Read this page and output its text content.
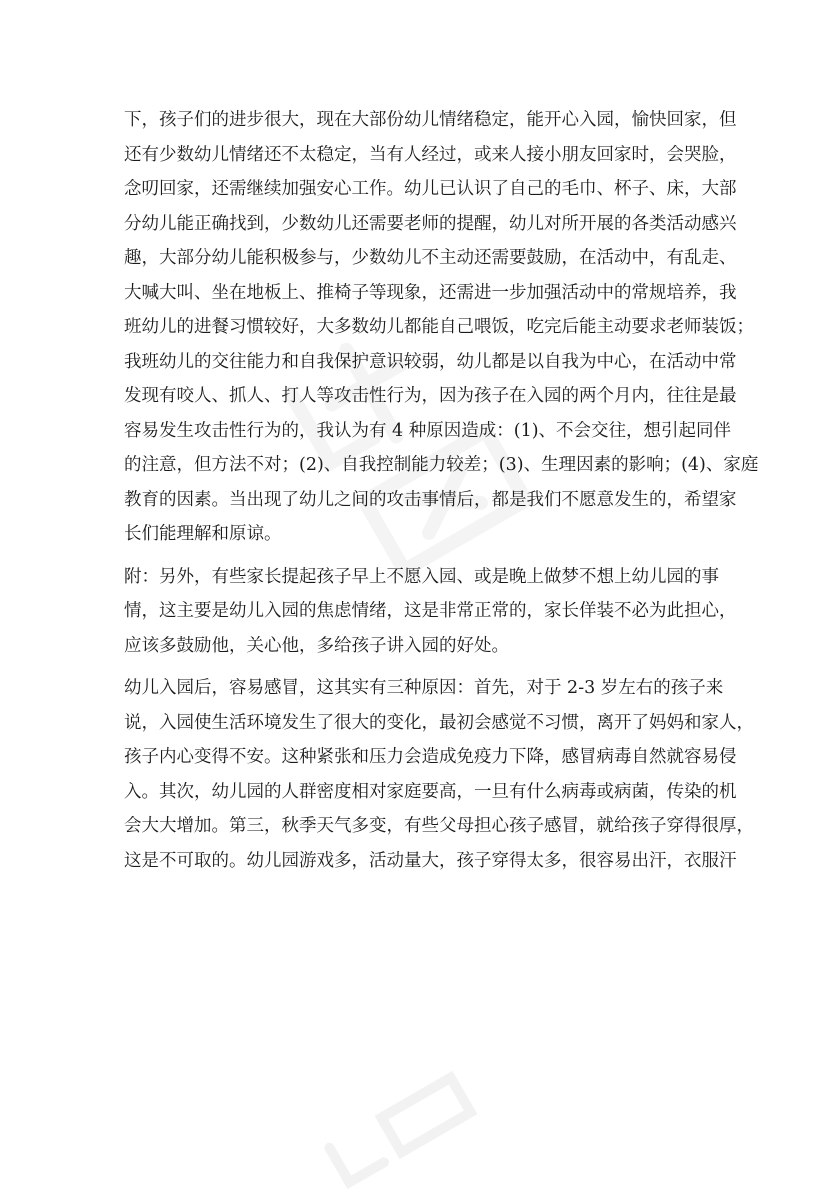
下，孩子们的进步很大，现在大部份幼儿情绪稳定，能开心入园，愉快回家，但
还有少数幼儿情绪还不太稳定，当有人经过，或来人接小朋友回家时，会哭脸，
念叨回家，还需继续加强安心工作。幼儿已认识了自己的毛巾、杯子、床，大部
分幼儿能正确找到，少数幼儿还需要老师的提醒，幼儿对所开展的各类活动感兴
趣，大部分幼儿能积极参与，少数幼儿不主动还需要鼓励，在活动中，有乱走、
大喊大叫、坐在地板上、推椅子等现象，还需进一步加强活动中的常规培养，我
班幼儿的进餐习惯较好，大多数幼儿都能自己喂饭，吃完后能主动要求老师装饭；
我班幼儿的交往能力和自我保护意识较弱，幼儿都是以自我为中心，在活动中常
发现有咬人、抓人、打人等攻击性行为，因为孩子在入园的两个月内，往往是最
容易发生攻击性行为的，我认为有 4 种原因造成：(1)、不会交往，想引起同伴
的注意，但方法不对；(2)、自我控制能力较差；(3)、生理因素的影响；(4)、家庭
教育的因素。当出现了幼儿之间的攻击事情后，都是我们不愿意发生的，希望家
长们能理解和原谅。
附：另外，有些家长提起孩子早上不愿入园、或是晚上做梦不想上幼儿园的事
情，这主要是幼儿入园的焦虑情绪，这是非常正常的，家长佯装不必为此担心，
应该多鼓励他，关心他，多给孩子讲入园的好处。
幼儿入园后，容易感冒，这其实有三种原因：首先，对于 2-3 岁左右的孩子来
说，入园使生活环境发生了很大的变化，最初会感觉不习惯，离开了妈妈和家人，
孩子内心变得不安。这种紧张和压力会造成免疫力下降，感冒病毒自然就容易侵
入。其次，幼儿园的人群密度相对家庭要高，一旦有什么病毒或病菌，传染的机
会大大增加。第三，秋季天气多变，有些父母担心孩子感冒，就给孩子穿得很厚，
这是不可取的。幼儿园游戏多，活动量大，孩子穿得太多，很容易出汗，衣服汗
